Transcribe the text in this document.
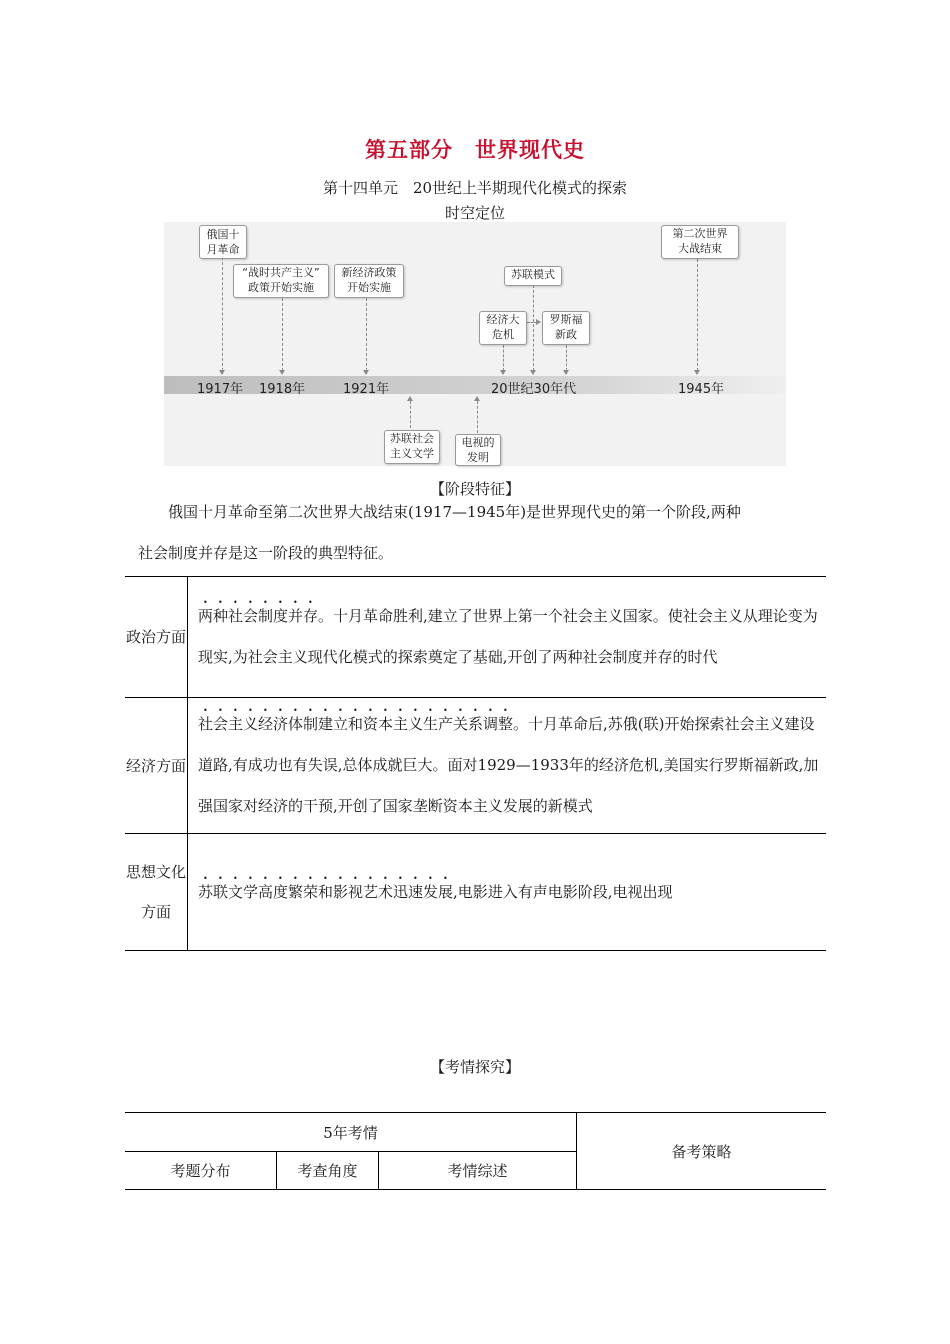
第五部分　世界现代史
第十四单元　20世纪上半期现代化模式的探索
时空定位
俄国十
月革命
“战时共产主义”
政策开始实施
新经济政策
开始实施
苏联模式
经济大
危机
罗斯福
新政
第二次世界
大战结束
1917年 1918年	1921年	20世纪30年代	1945年
苏联社会
主义文学
电视的
发明
【阶段特征】
俄国十月革命至第二次世界大战结束(1917—1945年)是世界现代史的第一个阶段,两种
社会制度并存是这一阶段的典型特征。
政治方面	两种社会制度并存。十月革命胜利,建立了世界上第一个社会主义国家。使社会主义从理论变为现实,为社会主义现代化模式的探索奠定了基础,开创了两种社会制度并存的时代
经济方面	社会主义经济体制建立和资本主义生产关系调整。十月革命后,苏俄(联)开始探索社会主义建设道路,有成功也有失误,总体成就巨大。面对1929—1933年的经济危机,美国实行罗斯福新政,加强国家对经济的干预,开创了国家垄断资本主义发展的新模式
思想文化方面	苏联文学高度繁荣和影视艺术迅速发展,电影进入有声电影阶段,电视出现
【考情探究】
5年考情			备考策略
考题分布	考查角度	考情综述	
